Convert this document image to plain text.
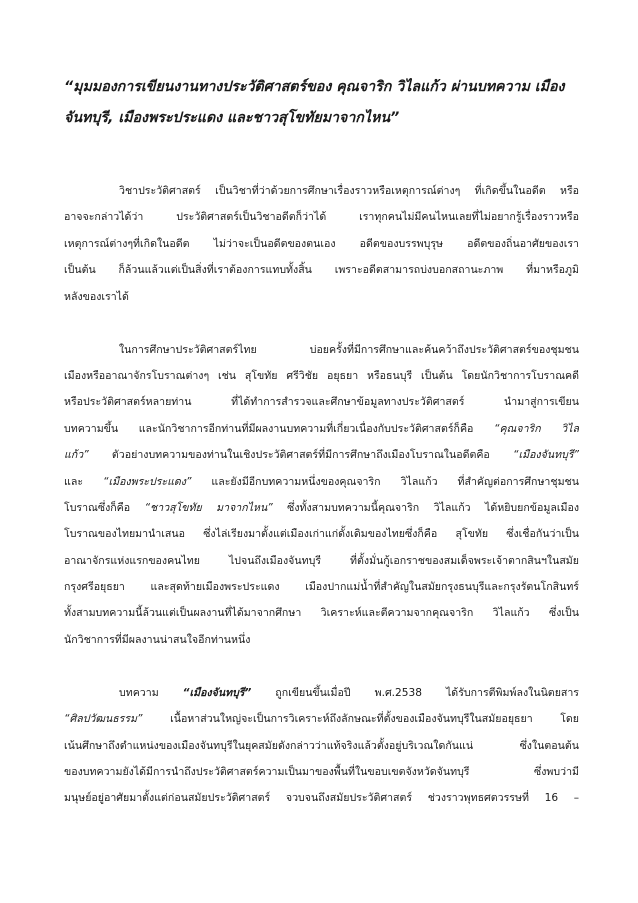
“มุมมองการเขียนงานทางประวัติศาสตร์ของ คุณจาริก วิไลแก้ว ผ่านบทความ เมือง
จันทบุรี, เมืองพระประแดง และชาวสุโขทัยมาจากไหน”
วิชาประวัติศาสตร์ เป็นวิชาที่ว่าด้วยการศึกษาเรื่องราวหรือเหตุการณ์ต่างๆ ที่เกิดขึ้นในอดีต หรือ
อาจจะกล่าวได้ว่า ประวัติศาสตร์เป็นวิชาอดีตก็ว่าได้ เราทุกคนไม่มีคนไหนเลยที่ไม่อยากรู้เรื่องราวหรือ
เหตุการณ์ต่างๆที่เกิดในอดีต ไม่ว่าจะเป็นอดีตของตนเอง อดีตของบรรพบุรุษ อดีตของถิ่นอาศัยของเรา
เป็นต้น ก็ล้วนแล้วแต่เป็นสิ่งที่เราต้องการแทบทั้งสิ้น เพราะอดีตสามารถบ่งบอกสถานะภาพ ที่มาหรือภูมิ
หลังของเราได้
ในการศึกษาประวัติศาสตร์ไทย บ่อยครั้งที่มีการศึกษาและค้นคว้าถึงประวัติศาสตร์ของชุมชน
เมืองหรืออาณาจักรโบราณต่างๆ เช่น สุโขทัย ศรีวิชัย อยุธยา หรือธนบุรี เป็นต้น โดยนักวิชาการโบราณคดี
หรือประวัติศาสตร์หลายท่าน ที่ได้ทำการสำรวจและศึกษาข้อมูลทางประวัติศาสตร์ นำมาสู่การเขียน
บทความขึ้น และนักวิชาการอีกท่านที่มีผลงานบทความที่เกี่ยวเนื่องกับประวัติศาสตร์ก็คือ “คุณจาริก วิไล
แก้ว” ตัวอย่างบทความของท่านในเชิงประวัติศาสตร์ที่มีการศึกษาถึงเมืองโบราณในอดีตคือ “เมืองจันทบุรี”
และ “เมืองพระประแดง” และยังมีอีกบทความหนึ่งของคุณจาริก วิไลแก้ว ที่สำคัญต่อการศึกษาชุมชน
โบราณซึ่งก็คือ “ชาวสุโขทัย มาจากไหน” ซึ่งทั้งสามบทความนี้คุณจาริก วิไลแก้ว ได้หยิบยกข้อมูลเมือง
โบราณของไทยมานำเสนอ ซึ่งไล่เรียงมาตั้งแต่เมืองเก่าแก่ดั้งเดิมของไทยซึ่งก็คือ สุโขทัย ซึ่งเชื่อกันว่าเป็น
อาณาจักรแห่งแรกของคนไทย ไปจนถึงเมืองจันทบุรี ที่ตั้งมั่นกู้เอกราชของสมเด็จพระเจ้าตากสินฯในสมัย
กรุงศรีอยุธยา และสุดท้ายเมืองพระประแดง เมืองปากแม่น้ำที่สำคัญในสมัยกรุงธนบุรีและกรุงรัตนโกสินทร์
ทั้งสามบทความนี้ล้วนแต่เป็นผลงานที่ได้มาจากศึกษา วิเคราะห์และตีความจากคุณจาริก วิไลแก้ว ซึ่งเป็น
นักวิชาการที่มีผลงานน่าสนใจอีกท่านหนึ่ง
บทความ “เมืองจันทบุรี” ถูกเขียนขึ้นเมื่อปี พ.ศ.2538 ได้รับการตีพิมพ์ลงในนิตยสาร
“ศิลปวัฒนธรรม” เนื้อหาส่วนใหญ่จะเป็นการวิเคราะห์ถึงลักษณะที่ตั้งของเมืองจันทบุรีในสมัยอยุธยา โดย
เน้นศึกษาถึงตำแหน่งของเมืองจันทบุรีในยุคสมัยดังกล่าวว่าแท้จริงแล้วตั้งอยู่บริเวณใดกันแน่ ซึ่งในตอนต้น
ของบทความยังได้มีการนำถึงประวัติศาสตร์ความเป็นมาของพื้นที่ในขอบเขตจังหวัดจันทบุรี ซึ่งพบว่ามี
มนุษย์อยู่อาศัยมาตั้งแต่ก่อนสมัยประวัติศาสตร์ จวบจนถึงสมัยประวัติศาสตร์ ช่วงราวพุทธศตวรรษที่ 16 –
